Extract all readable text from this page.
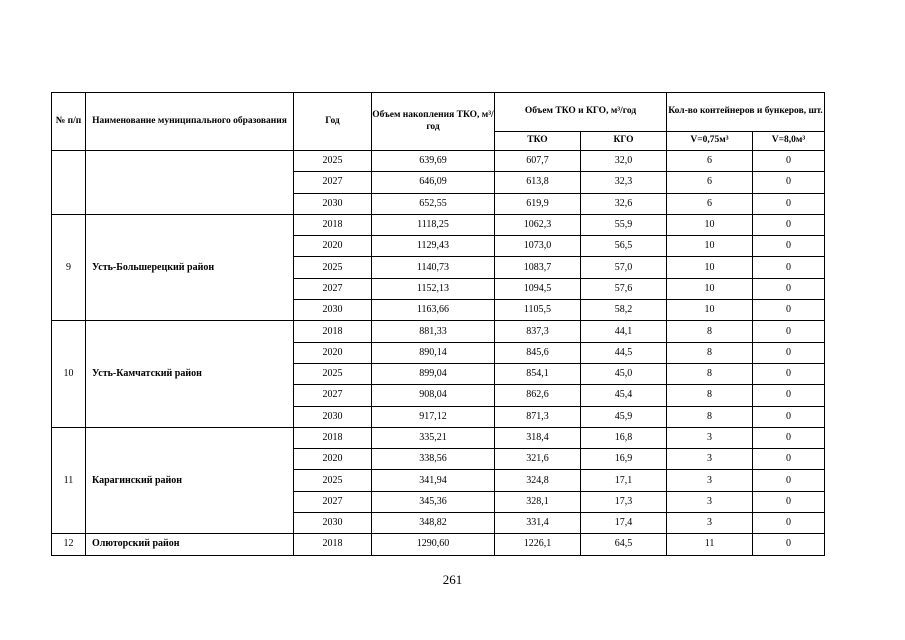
№ п/п	Наименование муниципального образования	Год	Объем накопления ТКО, м³/год	Объем ТКО и КГО, м³/год		Кол-во контейнеров и бункеров, шт.	
				ТКО	КГО	V=0,75м³	V=8,0м³
		2025	639,69	607,7	32,0	6	0
		2027	646,09	613,8	32,3	6	0
		2030	652,55	619,9	32,6	6	0
9	Усть-Большерецкий район	2018	1118,25	1062,3	55,9	10	0
		2020	1129,43	1073,0	56,5	10	0
		2025	1140,73	1083,7	57,0	10	0
		2027	1152,13	1094,5	57,6	10	0
		2030	1163,66	1105,5	58,2	10	0
10	Усть-Камчатский район	2018	881,33	837,3	44,1	8	0
		2020	890,14	845,6	44,5	8	0
		2025	899,04	854,1	45,0	8	0
		2027	908,04	862,6	45,4	8	0
		2030	917,12	871,3	45,9	8	0
11	Карагинский район	2018	335,21	318,4	16,8	3	0
		2020	338,56	321,6	16,9	3	0
		2025	341,94	324,8	17,1	3	0
		2027	345,36	328,1	17,3	3	0
		2030	348,82	331,4	17,4	3	0
12	Олюторский район	2018	1290,60	1226,1	64,5	11	0
261
